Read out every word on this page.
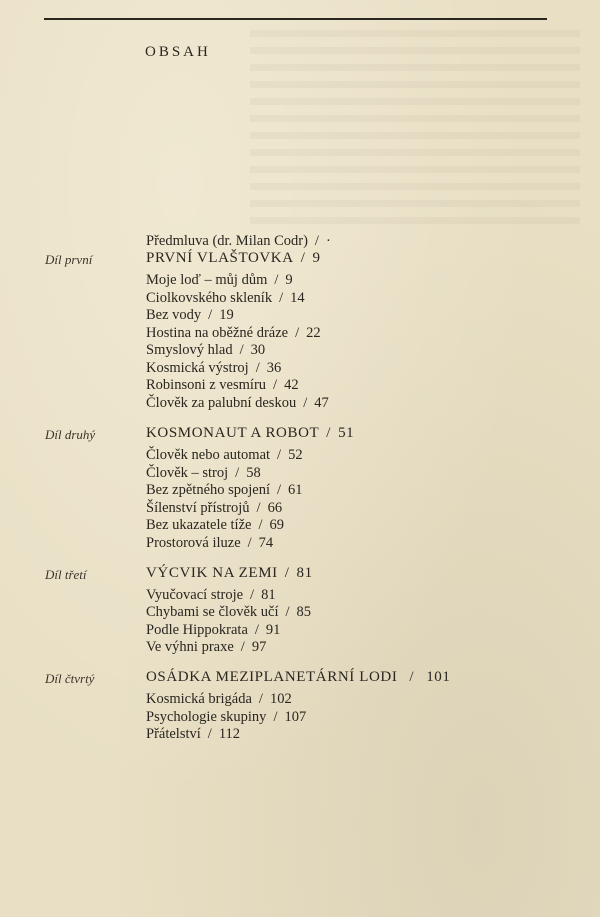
OBSAH
Předmluva (dr. Milan Codr) / ·
Díl první	PRVNÍ VLAŠTOVKA / 9
Moje loď – můj dům / 9
Ciolkovského skleník / 14
Bez vody / 19
Hostina na oběžné dráze / 22
Smyslový hlad / 30
Kosmická výstroj / 36
Robinsoni z vesmíru / 42
Člověk za palubní deskou / 47
Díl druhý	KOSMONAUT A ROBOT / 51
Člověk nebo automat / 52
Člověk – stroj / 58
Bez zpětného spojení / 61
Šílenství přístrojů / 66
Bez ukazatele tíže / 69
Prostorová iluze / 74
Díl třetí	VÝCVIK NA ZEMI / 81
Vyučovací stroje / 81
Chybami se člověk učí / 85
Podle Hippokrata / 91
Ve výhni praxe / 97
Díl čtvrtý	OSÁDKA MEZIPLANETÁRNÍ LODI / 101
Kosmická brigáda / 102
Psychologie skupiny / 107
Přátelství / 112
